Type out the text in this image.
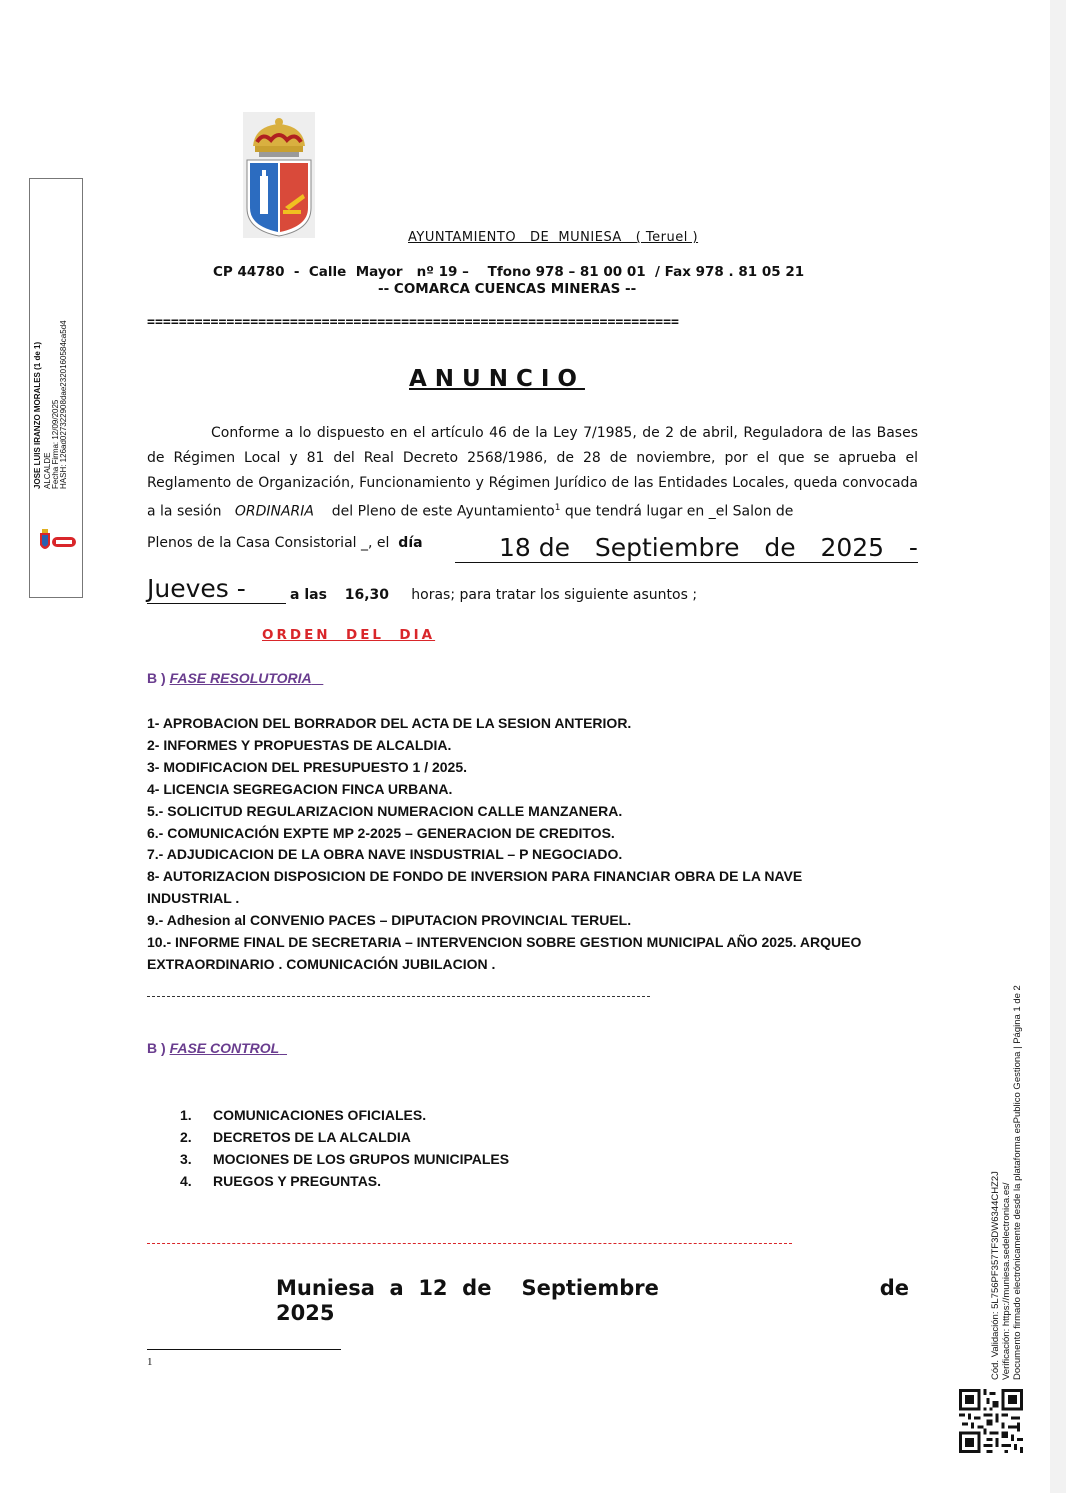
JOSE LUIS IRANZO MORALES (1 de 1) ALCALDE Fecha Firma: 12/09/2025 HASH: 126ad027322908dae2320160584ca5d4
AYUNTAMIENTO   DE  MUNIESA   ( Teruel )
CP 44780  -  Calle  Mayor   nº 19 –    Tfono 978 – 81 00 01  / Fax 978 . 81 05 21
-- COMARCA CUENCAS MINERAS --
===================================================================
ANUNCIO

Conforme a lo dispuesto en el artículo 46 de la Ley 7/1985, de 2 de abril, Reguladora de las Bases de Régimen Local y 81 del Real Decreto 2568/1986, de 28 de noviembre, por el que se aprueba el Reglamento de Organización, Funcionamiento y Régimen Jurídico de las Entidades Locales, queda convocada a la sesión ORDINARIA del Pleno de este Ayuntamiento$^1$ que tendrá lugar en _el Salon de

Plenos de la Casa Consistorial _, el día	18 de Septiembre de 2025 -
Jueves -	a las 16,30 horas; para tratar los siguiente asuntos ;
ORDEN  DEL  DIA
B ) FASE RESOLUTORIA
1- APROBACION DEL BORRADOR DEL ACTA DE LA SESION ANTERIOR.
2- INFORMES Y PROPUESTAS DE ALCALDIA.
3- MODIFICACION DEL PRESUPUESTO 1 / 2025.
4- LICENCIA SEGREGACION FINCA URBANA.
5.- SOLICITUD REGULARIZACION NUMERACION CALLE MANZANERA.
6.- COMUNICACIÓN EXPTE MP 2-2025 – GENERACION DE CREDITOS.
7.- ADJUDICACION DE LA OBRA NAVE INSDUSTRIAL – P NEGOCIADO.
8- AUTORIZACION DISPOSICION DE FONDO DE INVERSION PARA FINANCIAR OBRA DE LA NAVE INDUSTRIAL .
9.- Adhesion al CONVENIO PACES – DIPUTACION PROVINCIAL TERUEL.
10.- INFORME FINAL DE SECRETARIA – INTERVENCION SOBRE GESTION MUNICIPAL AÑO 2025. ARQUEO EXTRAORDINARIO . COMUNICACIÓN JUBILACION .
B ) FASE CONTROL
1. COMUNICACIONES OFICIALES.
2. DECRETOS DE LA ALCALDIA
3. MOCIONES DE LOS GRUPOS MUNICIPALES
4. RUEGOS Y PREGUNTAS.
Muniesa  a  12  de Septiembre	de
2025
1	Documento firmado electrónicamente desde la plataforma esPublico Gestiona | Página 1 de 2
Verificación: https://muniesa.sedelectronica.es/
Cód. Validación: 5L756PF357TF3DW6344CHZ2J
